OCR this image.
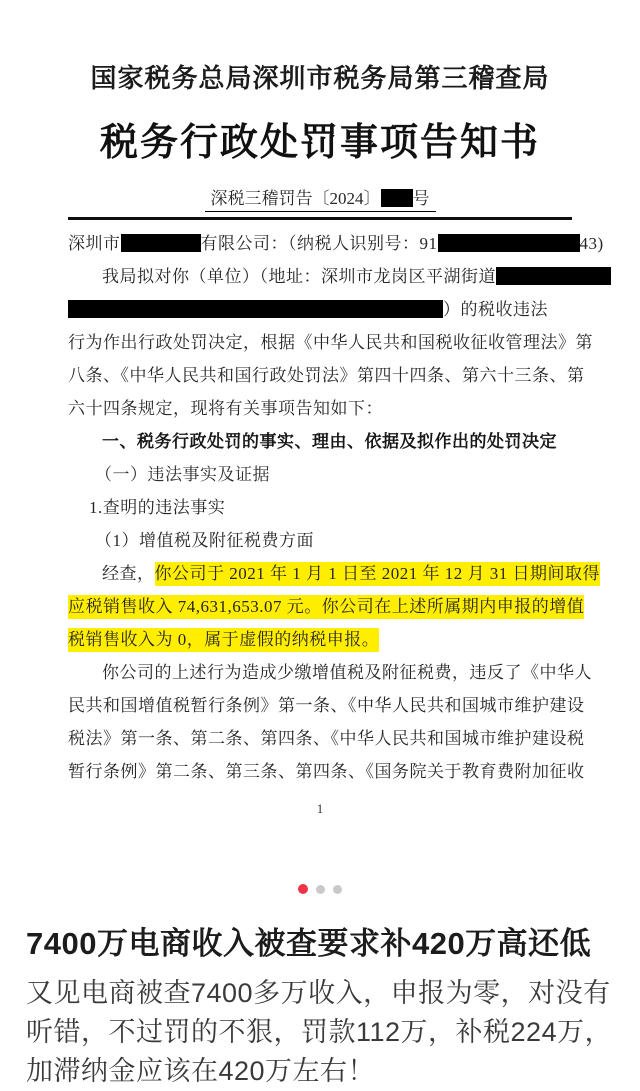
国家税务总局深圳市税务局第三稽查局
税务行政处罚事项告知书
深税三稽罚告〔2024〕 号
深圳市	有限公司：（纳税人识别号：91	43)
我局拟对你（单位）（地址：深圳市龙岗区平湖街道
）的税收违法
行为作出行政处罚决定，根据《中华人民共和国税收征收管理法》第
八条、《中华人民共和国行政处罚法》第四十四条、第六十三条、第
六十四条规定，现将有关事项告知如下：
一、税务行政处罚的事实、理由、依据及拟作出的处罚决定
（一）违法事实及证据
1.查明的违法事实
（1）增值税及附征税费方面
经查，你公司于 2021 年 1 月 1 日至 2021 年 12 月 31 日期间取得
应税销售收入 74,631,653.07 元。你公司在上述所属期内申报的增值
税销售收入为 0，属于虚假的纳税申报。
你公司的上述行为造成少缴增值税及附征税费，违反了《中华人
民共和国增值税暂行条例》第一条、《中华人民共和国城市维护建设
税法》第一条、第二条、第四条、《中华人民共和国城市维护建设税
暂行条例》第二条、第三条、第四条、《国务院关于教育费附加征收
1
7400万电商收入被查要求补420万高还低
又见电商被查7400多万收入，申报为零，对没有听错，不过罚的不狠，罚款112万，补税224万，加滞纳金应该在420万左右！
